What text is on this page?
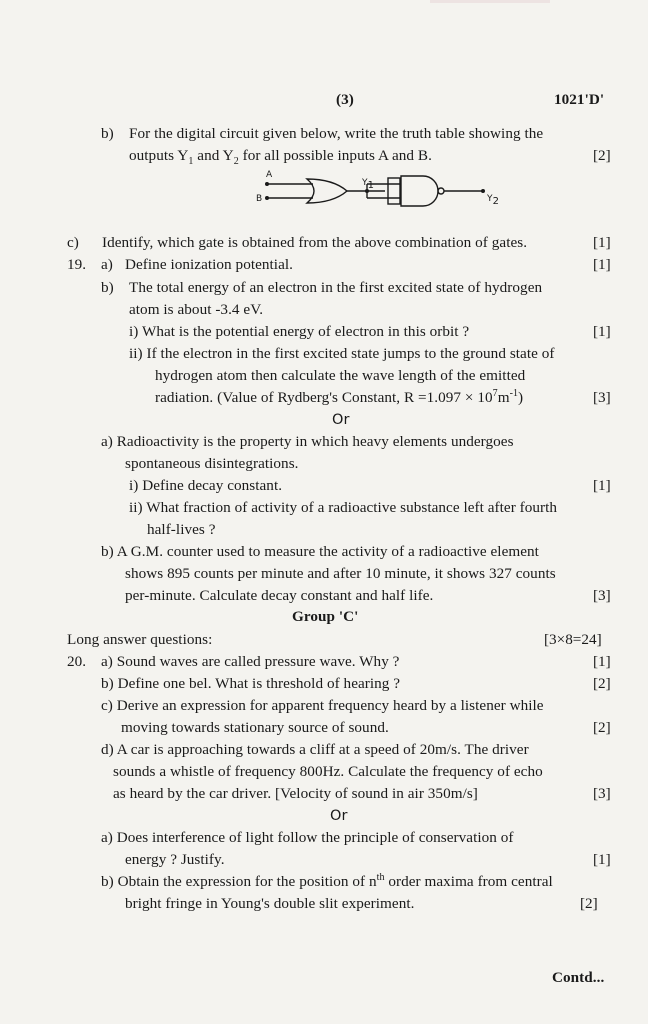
(3)	1021'D'
b) For the digital circuit given below, write the truth table showing the
outputs $Y_1$ and $Y_2$ for all possible inputs A and B.	[2]
A
B
$Y_1$
$Y_2$
c) Identify, which gate is obtained from the above combination of gates.	[1]
19. a) Define ionization potential.	[1]
b) The total energy of an electron in the first excited state of hydrogen
atom is about -3.4 eV.
i) What is the potential energy of electron in this orbit ?	[1]
ii) If the electron in the first excited state jumps to the ground state of
hydrogen atom then calculate the wave length of the emitted
radiation. (Value of Rydberg's Constant, $R =1.097 \times 10^7m^{-1}$)	[3]
Or
a) Radioactivity is the property in which heavy elements undergoes
spontaneous disintegrations.
i) Define decay constant.	[1]
ii) What fraction of activity of a radioactive substance left after fourth
half-lives ?
b) A G.M. counter used to measure the activity of a radioactive element
shows 895 counts per minute and after 10 minute, it shows 327 counts
per-minute. Calculate decay constant and half life.	[3]
Group 'C'
Long answer questions:	[3×8=24]
20. a) Sound waves are called pressure wave. Why ?	[1]
b) Define one bel. What is threshold of hearing ?	[2]
c) Derive an expression for apparent frequency heard by a listener while
moving towards stationary source of sound.	[2]
d) A car is approaching towards a cliff at a speed of 20m/s. The driver
sounds a whistle of frequency 800Hz. Calculate the frequency of echo
as heard by the car driver. [Velocity of sound in air 350m/s]	[3]
Or
a) Does interference of light follow the principle of conservation of
energy ? Justify.	[1]
b) Obtain the expression for the position of $n^{th}$ order maxima from central
bright fringe in Young's double slit experiment.	[2]
Contd...
